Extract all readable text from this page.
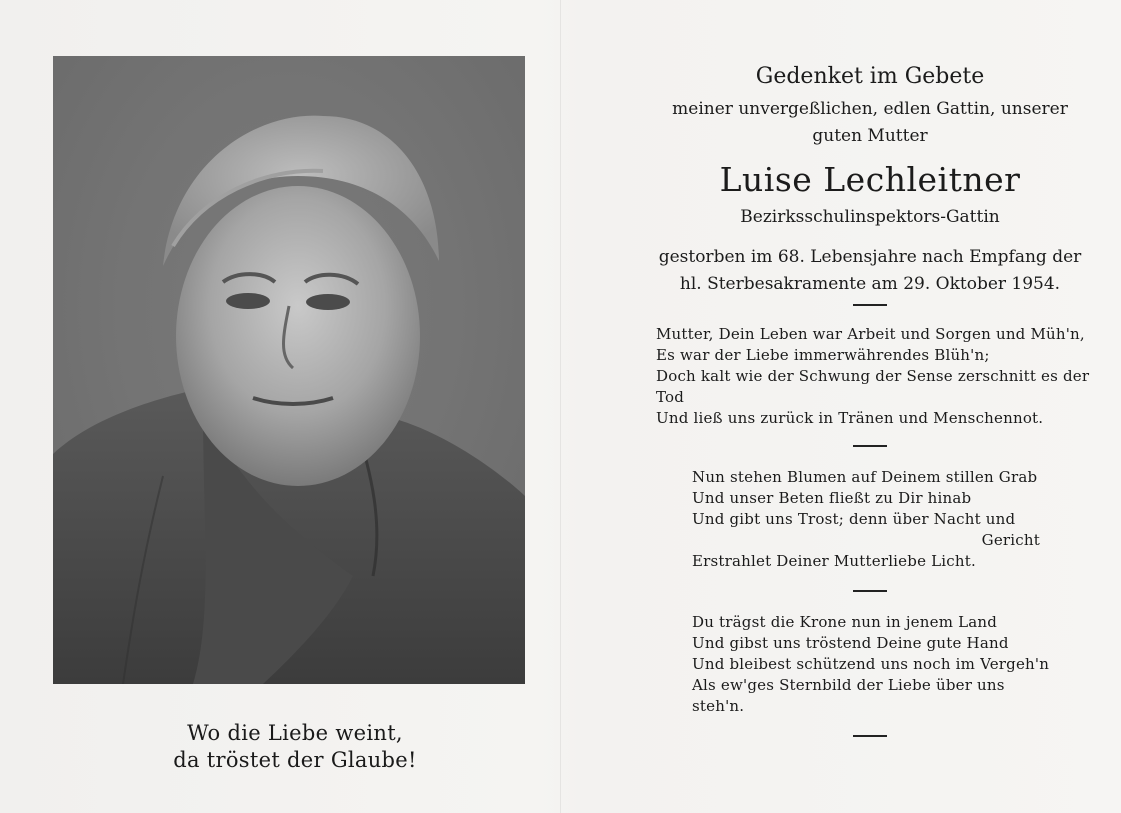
Wo die Liebe weint,
da tröstet der Glaube!
Gedenket im Gebete
meiner unvergeßlichen, edlen Gattin, unserer
guten Mutter
Luise Lechleitner
Bezirksschulinspektors-Gattin
gestorben im 68. Lebensjahre nach Empfang der
hl. Sterbesakramente am 29. Oktober 1954.
Mutter, Dein Leben war Arbeit und Sorgen und Müh'n,
Es war der Liebe immerwährendes Blüh'n;
Doch kalt wie der Schwung der Sense zerschnitt es der Tod
Und ließ uns zurück in Tränen und Menschennot.
Nun stehen Blumen auf Deinem stillen Grab
Und unser Beten fließt zu Dir hinab
Und gibt uns Trost; denn über Nacht und
Gericht
Erstrahlet Deiner Mutterliebe Licht.
Du trägst die Krone nun in jenem Land
Und gibst uns tröstend Deine gute Hand
Und bleibest schützend uns noch im Vergeh'n
Als ew'ges Sternbild der Liebe über uns steh'n.
